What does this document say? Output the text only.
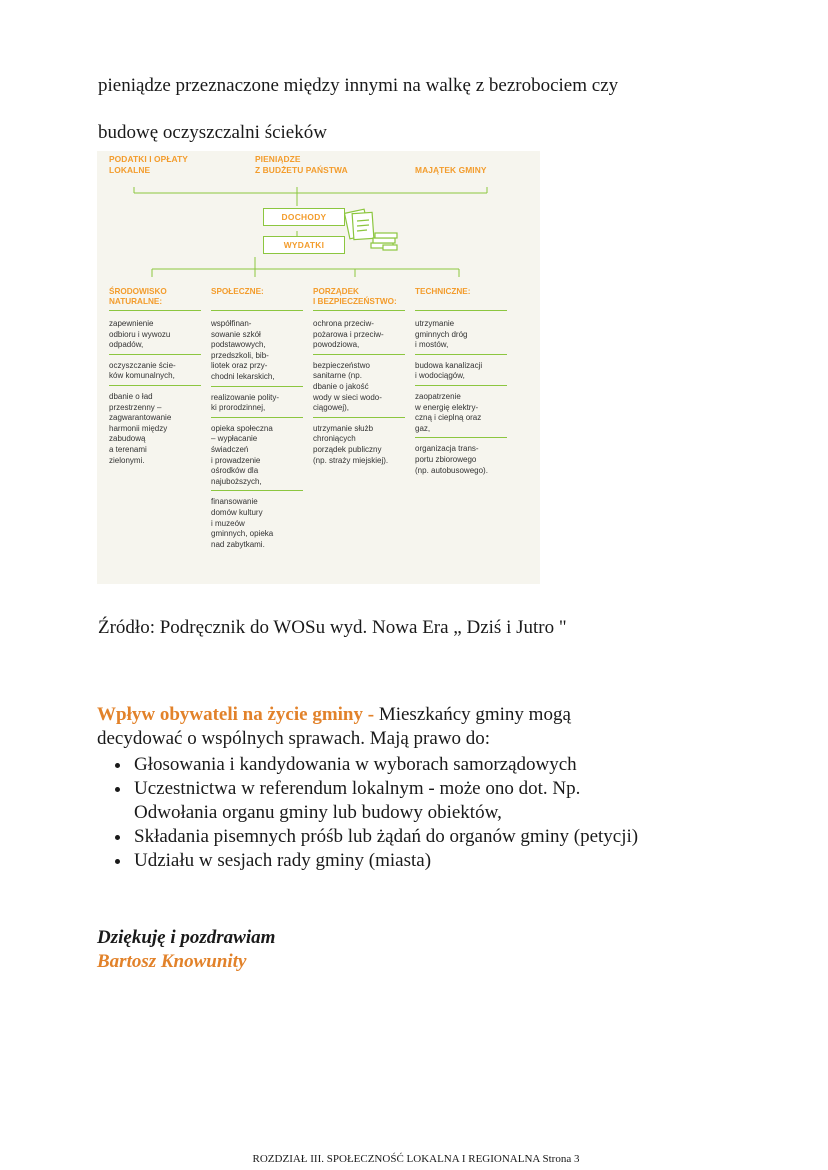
pieniądze przeznaczone między innymi na walkę z bezrobociem czy
budowę oczyszczalni ścieków
PODATKI I OPŁATY
LOKALNE
PIENIĄDZE
Z BUDŻETU PAŃSTWA	MAJĄTEK GMINY
DOCHODY
WYDATKI
ŚRODOWISKO
NATURALNE:
zapewnienie
odbioru i wywozu
odpadów,
oczyszczanie ście-
ków komunalnych,
dbanie o ład
przestrzenny –
zagwarantowanie
harmonii między
zabudową
a terenami
zielonymi.
SPOŁECZNE:
współfinan-
sowanie szkół
podstawowych,
przedszkoli, bib-
liotek oraz przy-
chodni lekarskich,
realizowanie polity-
ki prorodzinnej,
opieka społeczna
– wypłacanie
świadczeń
i prowadzenie
ośrodków dla
najuboższych,
finansowanie
domów kultury
i muzeów
gminnych, opieka
nad zabytkami.
PORZĄDEK
I BEZPIECZEŃSTWO:
ochrona przeciw-
pożarowa i przeciw-
powodziowa,
bezpieczeństwo
sanitarne (np.
dbanie o jakość
wody w sieci wodo-
ciągowej),
utrzymanie służb
chroniących
porządek publiczny
(np. straży miejskiej).
TECHNICZNE:
utrzymanie
gminnych dróg
i mostów,
budowa kanalizacji
i wodociągów,
zaopatrzenie
w energię elektry-
czną i cieplną oraz
gaz,
organizacja trans-
portu zbiorowego
(np. autobusowego).
Źródło: Podręcznik do WOSu wyd. Nowa Era „ Dziś i Jutro "

Wpływ obywateli na życie gminy - Mieszkańcy gminy mogą decydować o wspólnych sprawach. Mają prawo do:

• Głosowania i kandydowania w wyborach samorządowych
• Uczestnictwa w referendum lokalnym - może ono dot. Np. Odwołania organu gminy lub budowy obiektów,
• Składania pisemnych próśb lub żądań do organów gminy (petycji)
• Udziału w sesjach rady gminy (miasta)
Dziękuję i pozdrawiam
Bartosz Knowunity
ROZDZIAŁ III. SPOŁECZNOŚĆ LOKALNA I REGIONALNA Strona 3
